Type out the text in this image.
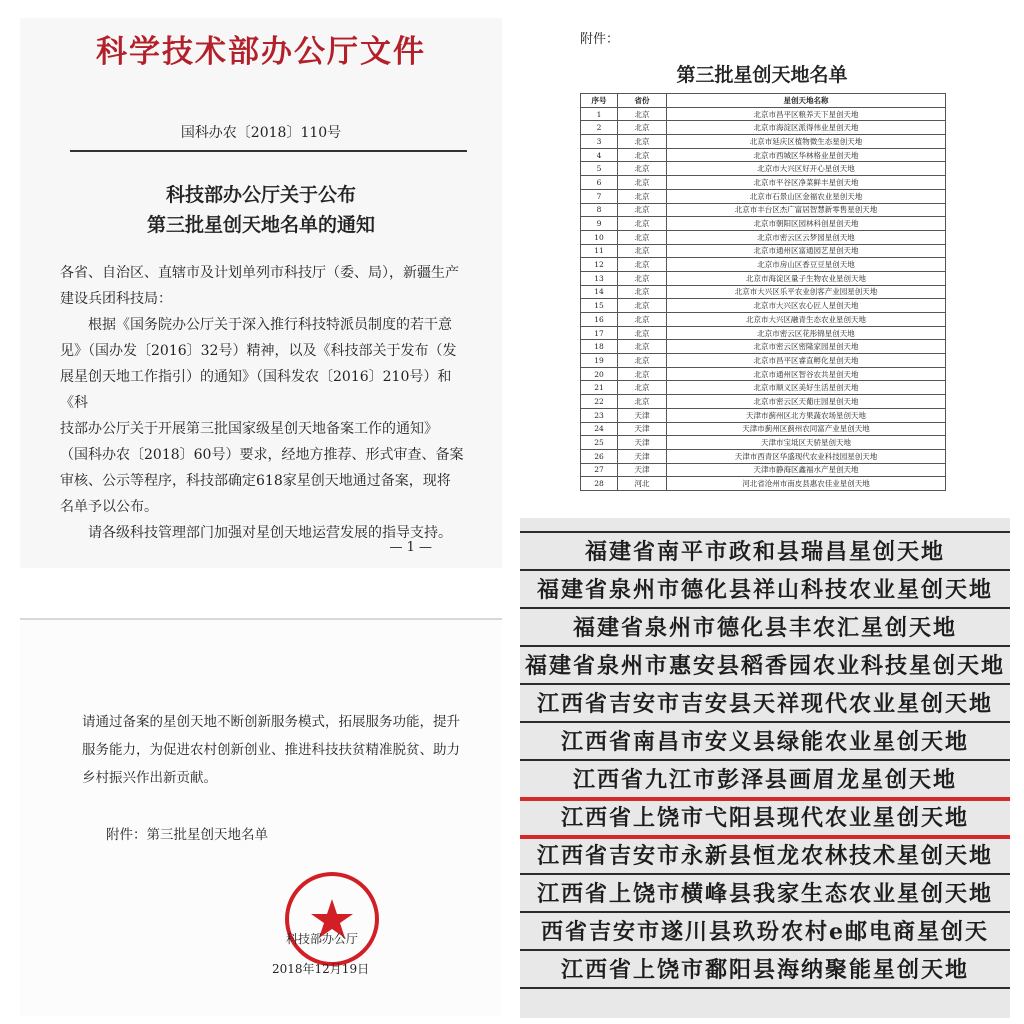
科学技术部办公厅文件
国科办农〔2018〕110号
科技部办公厅关于公布
第三批星创天地名单的通知
各省、自治区、直辖市及计划单列市科技厅（委、局），新疆生产
建设兵团科技局：
根据《国务院办公厅关于深入推行科技特派员制度的若干意
见》（国办发〔2016〕32号）精神，以及《科技部关于发布（发
展星创天地工作指引）的通知》（国科发农〔2016〕210号）和《科
技部办公厅关于开展第三批国家级星创天地备案工作的通知》
（国科办农〔2018〕60号）要求，经地方推荐、形式审查、备案
审核、公示等程序，科技部确定618家星创天地通过备案，现将
名单予以公布。
请各级科技管理部门加强对星创天地运营发展的指导支持。
— 1 —
请通过备案的星创天地不断创新服务模式，拓展服务功能，提升
服务能力，为促进农村创新创业、推进科技扶贫精准脱贫、助力
乡村振兴作出新贡献。
附件：第三批星创天地名单
科技部办公厅
2018年12月19日
附件：
第三批星创天地名单
序号	省份	星创天地名称
1	北京	北京市昌平区粮养天下星创天地
2	北京	北京市海淀区派得伟业星创天地
3	北京	北京市延庆区植物微生态星创天地
4	北京	北京市西城区华林格业星创天地
5	北京	北京市大兴区好开心星创天地
6	北京	北京市平谷区净菜鲜丰星创天地
7	北京	北京市石景山区金福农业星创天地
8	北京	北京市丰台区杰广富居智慧新零售星创天地
9	北京	北京市朝阳区园林科创星创天地
10	北京	北京市密云区云梦园星创天地
11	北京	北京市通州区富通园艺星创天地
12	北京	北京市房山区香豆豆星创天地
13	北京	北京市海淀区量子生物农业星创天地
14	北京	北京市大兴区乐平农业创客产业园星创天地
15	北京	北京市大兴区农心匠人星创天地
16	北京	北京市大兴区融青生态农业星创天地
17	北京	北京市密云区花彤锦星创天地
18	北京	北京市密云区密隆家园星创天地
19	北京	北京市昌平区睿直孵化星创天地
20	北京	北京市通州区智谷农共星创天地
21	北京	北京市顺义区美好生活星创天地
22	北京	北京市密云区天葡庄园星创天地
23	天津	天津市蓟州区北方果蔬农场星创天地
24	天津	天津市蓟州区蓟州农同富产业星创天地
25	天津	天津市宝坻区天骄星创天地
26	天津	天津市西青区华盛现代农业科技园星创天地
27	天津	天津市静海区鑫福水产星创天地
28	河北	河北省沧州市南皮县惠农佳业星创天地
福建省南平市政和县瑞昌星创天地
福建省泉州市德化县祥山科技农业星创天地
福建省泉州市德化县丰农汇星创天地
福建省泉州市惠安县稻香园农业科技星创天地
江西省吉安市吉安县天祥现代农业星创天地
江西省南昌市安义县绿能农业星创天地
江西省九江市彭泽县画眉龙星创天地
江西省上饶市弋阳县现代农业星创天地
江西省吉安市永新县恒龙农林技术星创天地
江西省上饶市横峰县我家生态农业星创天地
西省吉安市遂川县玖玢农村e邮电商星创天
江西省上饶市鄱阳县海纳聚能星创天地
